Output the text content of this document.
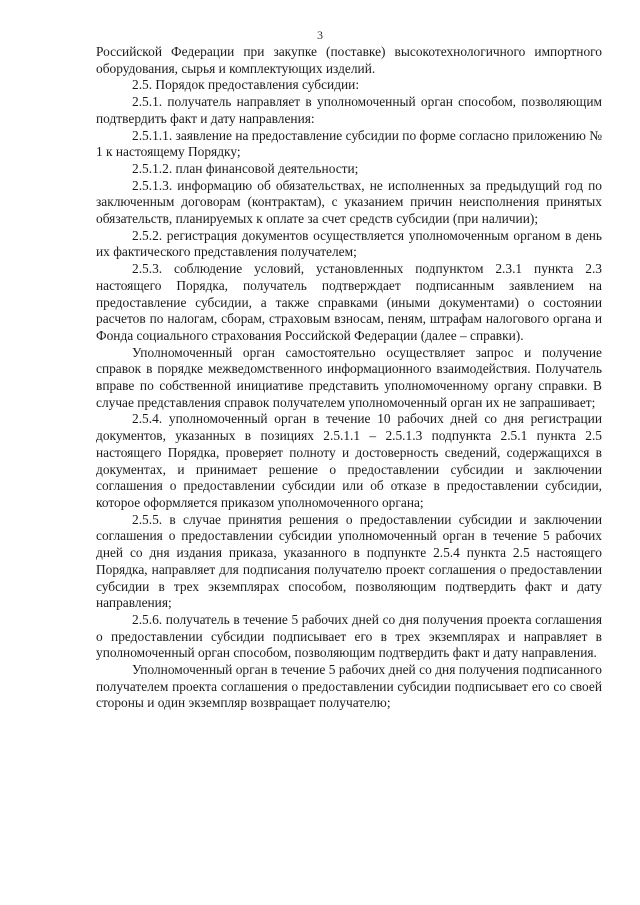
3

Российской Федерации при закупке (поставке) высокотехнологичного импортного оборудования, сырья и комплектующих изделий.

2.5. Порядок предоставления субсидии:

2.5.1. получатель направляет в уполномоченный орган способом, позволяющим подтвердить факт и дату направления:

2.5.1.1. заявление на предоставление субсидии по форме согласно приложению № 1 к настоящему Порядку;

2.5.1.2. план финансовой деятельности;

2.5.1.3. информацию об обязательствах, не исполненных за предыдущий год по заключенным договорам (контрактам), с указанием причин неисполнения принятых обязательств, планируемых к оплате за счет средств субсидии (при наличии);

2.5.2. регистрация документов осуществляется уполномоченным органом в день их фактического представления получателем;

2.5.3. соблюдение условий, установленных подпунктом 2.3.1 пункта 2.3 настоящего Порядка, получатель подтверждает подписанным заявлением на предоставление субсидии, а также справками (иными документами) о состоянии расчетов по налогам, сборам, страховым взносам, пеням, штрафам налогового органа и Фонда социального страхования Российской Федерации (далее – справки).

Уполномоченный орган самостоятельно осуществляет запрос и получение справок в порядке межведомственного информационного взаимодействия. Получатель вправе по собственной инициативе представить уполномоченному органу справки. В случае представления справок получателем уполномоченный орган их не запрашивает;

2.5.4. уполномоченный орган в течение 10 рабочих дней со дня регистрации документов, указанных в позициях 2.5.1.1 – 2.5.1.3 подпункта 2.5.1 пункта 2.5 настоящего Порядка, проверяет полноту и достоверность сведений, содержащихся в документах, и принимает решение о предоставлении субсидии и заключении соглашения о предоставлении субсидии или об отказе в предоставлении субсидии, которое оформляется приказом уполномоченного органа;

2.5.5. в случае принятия решения о предоставлении субсидии и заключении соглашения о предоставлении субсидии уполномоченный орган в течение 5 рабочих дней со дня издания приказа, указанного в подпункте 2.5.4 пункта 2.5 настоящего Порядка, направляет для подписания получателю проект соглашения о предоставлении субсидии в трех экземплярах способом, позволяющим подтвердить факт и дату направления;

2.5.6. получатель в течение 5 рабочих дней со дня получения проекта соглашения о предоставлении субсидии подписывает его в трех экземплярах и направляет в уполномоченный орган способом, позволяющим подтвердить факт и дату направления.

Уполномоченный орган в течение 5 рабочих дней со дня получения подписанного получателем проекта соглашения о предоставлении субсидии подписывает его со своей стороны и один экземпляр возвращает получателю;
